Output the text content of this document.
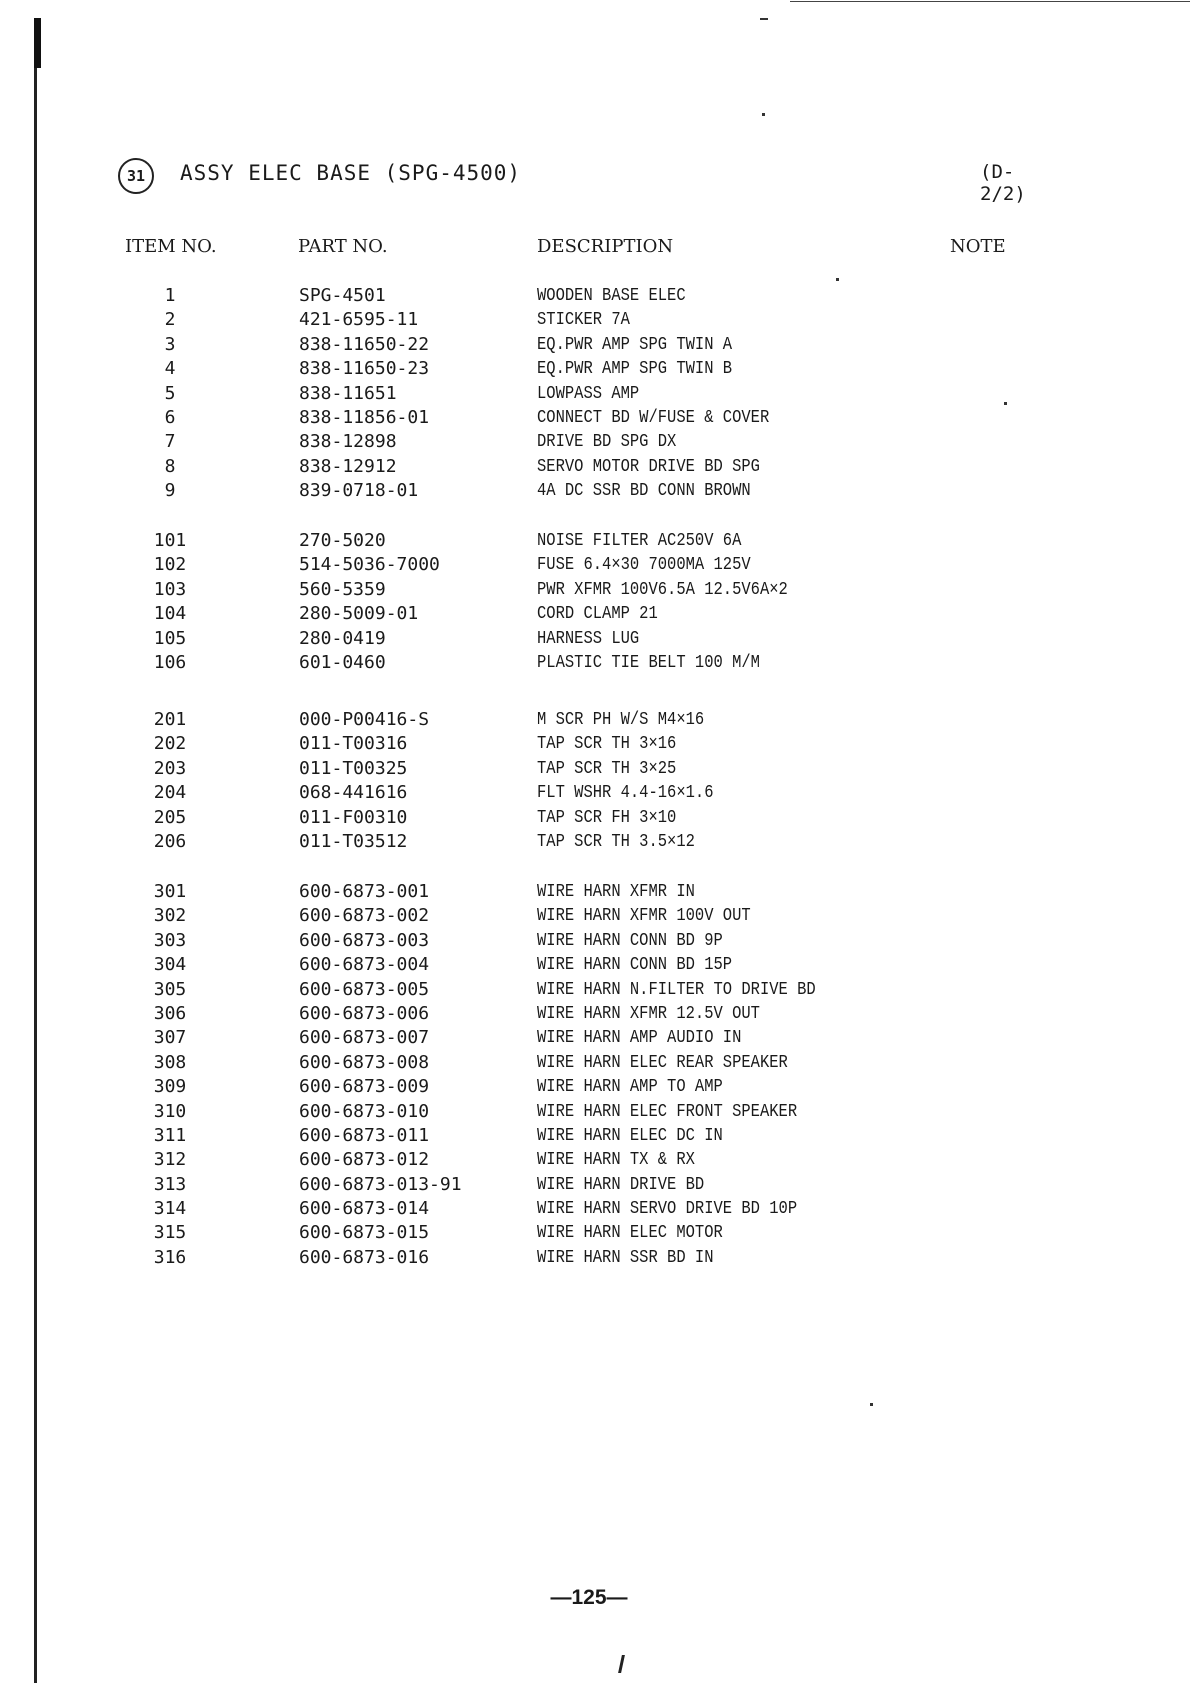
31	ASSY ELEC BASE (SPG-4500)	(D-2/2)
ITEM NO.	PART NO.	DESCRIPTION	NOTE
1	SPG-4501	WOODEN BASE ELEC
2	421-6595-11	STICKER 7A
3	838-11650-22	EQ.PWR AMP SPG TWIN A
4	838-11650-23	EQ.PWR AMP SPG TWIN B
5	838-11651	LOWPASS AMP
6	838-11856-01	CONNECT BD W/FUSE & COVER
7	838-12898	DRIVE BD SPG DX
8	838-12912	SERVO MOTOR DRIVE BD SPG
9	839-0718-01	4A DC SSR BD CONN BROWN
101	270-5020	NOISE FILTER AC250V 6A
102	514-5036-7000	FUSE 6.4×30 7000MA 125V
103	560-5359	PWR XFMR 100V6.5A 12.5V6A×2
104	280-5009-01	CORD CLAMP 21
105	280-0419	HARNESS LUG
106	601-0460	PLASTIC TIE BELT 100 M/M
201	000-P00416-S	M SCR PH W/S M4×16
202	011-T00316	TAP SCR TH 3×16
203	011-T00325	TAP SCR TH 3×25
204	068-441616	FLT WSHR 4.4-16×1.6
205	011-F00310	TAP SCR FH 3×10
206	011-T03512	TAP SCR TH 3.5×12
301	600-6873-001	WIRE HARN XFMR IN
302	600-6873-002	WIRE HARN XFMR 100V OUT
303	600-6873-003	WIRE HARN CONN BD 9P
304	600-6873-004	WIRE HARN CONN BD 15P
305	600-6873-005	WIRE HARN N.FILTER TO DRIVE BD
306	600-6873-006	WIRE HARN XFMR 12.5V OUT
307	600-6873-007	WIRE HARN AMP AUDIO IN
308	600-6873-008	WIRE HARN ELEC REAR SPEAKER
309	600-6873-009	WIRE HARN AMP TO AMP
310	600-6873-010	WIRE HARN ELEC FRONT SPEAKER
311	600-6873-011	WIRE HARN ELEC DC IN
312	600-6873-012	WIRE HARN TX & RX
313	600-6873-013-91	WIRE HARN DRIVE BD
314	600-6873-014	WIRE HARN SERVO DRIVE BD 10P
315	600-6873-015	WIRE HARN ELEC MOTOR
316	600-6873-016	WIRE HARN SSR BD IN
—125—
